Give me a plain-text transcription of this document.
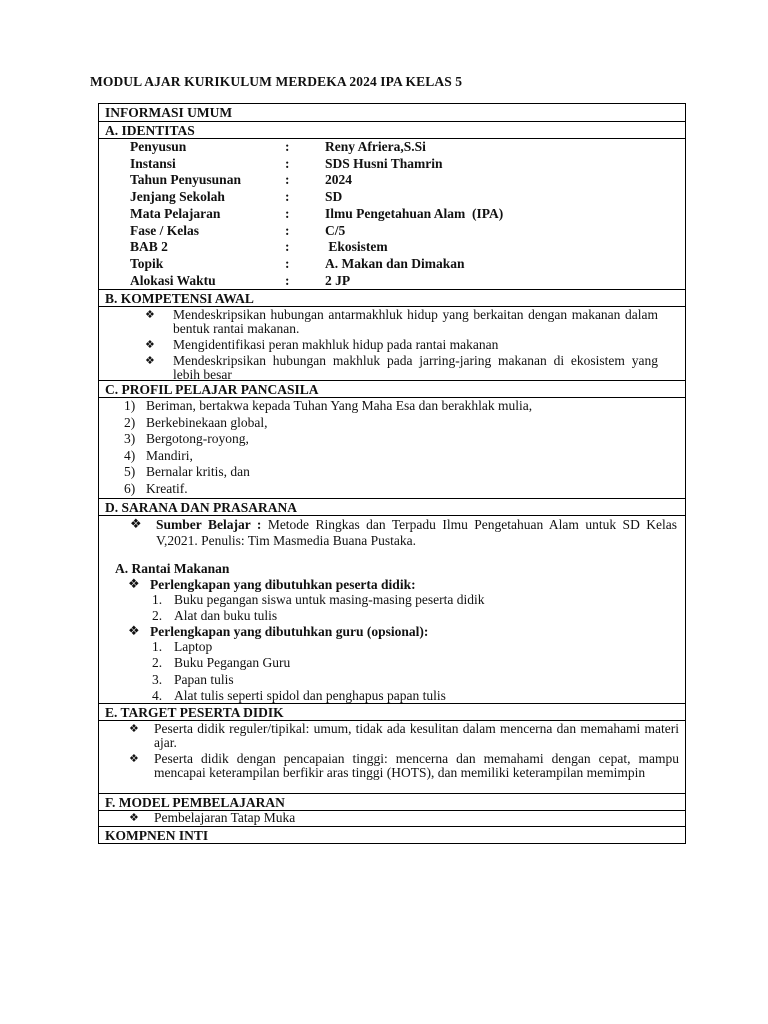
MODUL AJAR KURIKULUM MERDEKA 2024 IPA KELAS 5
INFORMASI UMUM
A. IDENTITAS
Penyusun	:	Reny Afriera,S.Si
Instansi	:	SDS Husni Thamrin
Tahun Penyusunan	:	2024
Jenjang Sekolah	:	SD
Mata Pelajaran	:	Ilmu Pengetahuan Alam  (IPA)
Fase / Kelas	:	C/5
BAB 2	:	Ekosistem
Topik	:	A. Makan dan Dimakan
Alokasi Waktu	:	2 JP
B. KOMPETENSI AWAL
❖ Mendeskripsikan hubungan antarmakhluk hidup yang berkaitan dengan makanan dalam bentuk rantai makanan.
❖ Mengidentifikasi peran makhluk hidup pada rantai makanan
❖ Mendeskripsikan hubungan makhluk pada jarring-jaring makanan di ekosistem yang lebih besar
C. PROFIL PELAJAR PANCASILA
1) Beriman, bertakwa kepada Tuhan Yang Maha Esa dan berakhlak mulia,
2) Berkebinekaan global,
3) Bergotong-royong,
4) Mandiri,
5) Bernalar kritis, dan
6) Kreatif.
D. SARANA DAN PRASARANA
❖ Sumber Belajar : Metode Ringkas dan Terpadu Ilmu Pengetahuan Alam untuk SD Kelas V,2021. Penulis: Tim Masmedia Buana Pustaka.
A. Rantai Makanan
❖ Perlengkapan yang dibutuhkan peserta didik:
1. Buku pegangan siswa untuk masing-masing peserta didik
2. Alat dan buku tulis
❖ Perlengkapan yang dibutuhkan guru (opsional):
1. Laptop
2. Buku Pegangan Guru
3. Papan tulis
4. Alat tulis seperti spidol dan penghapus papan tulis
E. TARGET PESERTA DIDIK
❖ Peserta didik reguler/tipikal: umum, tidak ada kesulitan dalam mencerna dan memahami materi ajar.
❖ Peserta didik dengan pencapaian tinggi: mencerna dan memahami dengan cepat, mampu mencapai keterampilan berfikir aras tinggi (HOTS), dan memiliki keterampilan memimpin
F. MODEL PEMBELAJARAN
❖ Pembelajaran Tatap Muka
KOMPNEN INTI
